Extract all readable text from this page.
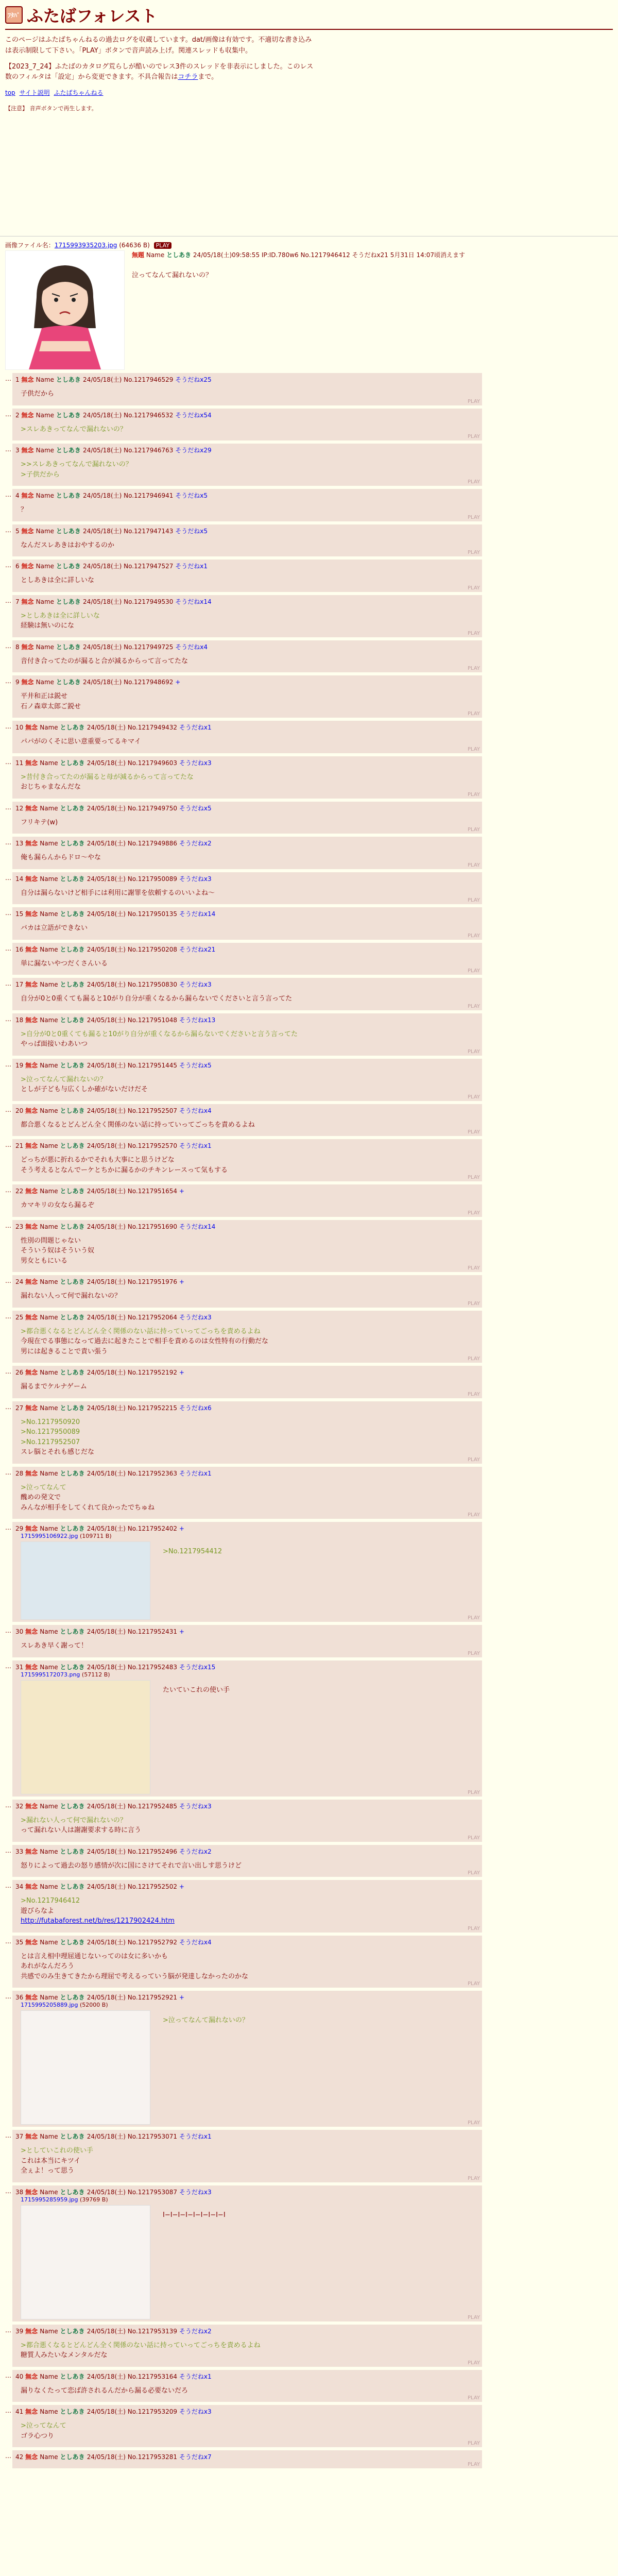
ﾌﾀﾊﾞ ふたばフォレスト

このページはふたばちゃんねるの過去ログを収蔵しています。dat/画像は有効です。不適切な書き込みは表示制限して下さい。「PLAY」ボタンで音声読み上げ。関連スレッドも収集中。

【2023_7_24】ふたばのカタログ荒らしが酷いのでレス3件のスレッドを非表示にしました。このレス数のフィルタは「設定」から変更できます。不具合報告はコチラまで。

top サイト説明 ふたばちゃんねる
【注意】 音声ボタンで再生します。
画像ファイル名：1715993935203.jpg (64636 B) PLAY
無題 Name としあき 24/05/18(土)09:58:55 IP:ID.780w6 No.1217946412 そうだねx21 5月31日 14:07頃消えます
泣ってなんて漏れないの？
… 1 無念 Name としあき 24/05/18(土) No.1217946529 そうだねx25
子供だから
PLAY
… 2 無念 Name としあき 24/05/18(土) No.1217946532 そうだねx54
>スレあきってなんで漏れないの？
PLAY
… 3 無念 Name としあき 24/05/18(土) No.1217946763 そうだねx29
>>スレあきってなんで漏れないの？
>子供だから
PLAY
… 4 無念 Name としあき 24/05/18(土) No.1217946941 そうだねx5
？
PLAY
… 5 無念 Name としあき 24/05/18(土) No.1217947143 そうだねx5
なんだスレあきはおやするのか
PLAY
… 6 無念 Name としあき 24/05/18(土) No.1217947527 そうだねx1
としあきは全に詳しいな
PLAY
… 7 無念 Name としあき 24/05/18(土) No.1217949530 そうだねx14
>としあきは全に詳しいな
経験は無いのにな
PLAY
… 8 無念 Name としあき 24/05/18(土) No.1217949725 そうだねx4
音付き合ってたのが漏ると合が減るからって言ってたな
PLAY
… 9 無念 Name としあき 24/05/18(土) No.1217948692 +
平井和正は鋭せ
石ノ森章太郎ご鋭せ
PLAY
… 10 無念 Name としあき 24/05/18(土) No.1217949432 そうだねx1
パパがのくそに思い意重要ってるキマイ
PLAY
… 11 無念 Name としあき 24/05/18(土) No.1217949603 そうだねx3
>昔付き合ってたのが漏ると母が減るからって言ってたな
おじちゃまなんだな
PLAY
… 12 無念 Name としあき 24/05/18(土) No.1217949750 そうだねx5
フリキテ(w)
PLAY
… 13 無念 Name としあき 24/05/18(土) No.1217949886 そうだねx2
俺も漏らんからドロ〜やな
PLAY
… 14 無念 Name としあき 24/05/18(土) No.1217950089 そうだねx3
自分は漏らないけど相手には利用に謝罪を依頼するのいいよね〜
PLAY
… 15 無念 Name としあき 24/05/18(土) No.1217950135 そうだねx14
バカは立語ができない
PLAY
… 16 無念 Name としあき 24/05/18(土) No.1217950208 そうだねx21
単に漏ないやつだくさんいる
PLAY
… 17 無念 Name としあき 24/05/18(土) No.1217950830 そうだねx3
自分が0と0重くても漏ると10がり自分が重くなるから漏らないでくださいと言う言ってた
PLAY
… 18 無念 Name としあき 24/05/18(土) No.1217951048 そうだねx13
>自分が0と0重くても漏ると10がり自分が重くなるから漏らないでくださいと言う言ってた
やっぱ面接いわあいつ
PLAY
… 19 無念 Name としあき 24/05/18(土) No.1217951445 そうだねx5
>泣ってなんて漏れないの？
としが子ども与広くしか確がないだけだそ
PLAY
… 20 無念 Name としあき 24/05/18(土) No.1217952507 そうだねx4
都合悪くなるとどんどん全く関係のない話に持っていってごっちを責めるよね
PLAY
… 21 無念 Name としあき 24/05/18(土) No.1217952570 そうだねx1
どっちが悪に折れるかでそれも大事にと思うけどな
そう考えるとなんでーケとちかに漏るかのチキンレースって気もする
PLAY
… 22 無念 Name としあき 24/05/18(土) No.1217951654 +
カマキリの女なら漏るぞ
PLAY
… 23 無念 Name としあき 24/05/18(土) No.1217951690 そうだねx14
性別の問題じゃない
そういう奴はそういう奴
男女ともにいる
PLAY
… 24 無念 Name としあき 24/05/18(土) No.1217951976 +
漏れない人って何で漏れないの？
PLAY
… 25 無念 Name としあき 24/05/18(土) No.1217952064 そうだねx3
>都合悪くなるとどんどん全く関係のない話に持っていってごっちを責めるよね
今現在でる事態になって過去に起きたことで相手を責めるのは女性特有の行動だな
男には起きることで責い張う
PLAY
… 26 無念 Name としあき 24/05/18(土) No.1217952192 +
漏るまでケルナゲーム
PLAY
… 27 無念 Name としあき 24/05/18(土) No.1217952215 そうだねx6
>No.1217950920
>No.1217950089
>No.1217952507
スレ脳とそれも感じだな
PLAY
… 28 無念 Name としあき 24/05/18(土) No.1217952363 そうだねx1
>泣ってなんて
醜めの発文で
みんなが相手をしてくれて良かったでちゅね
PLAY
… 29 無念 Name としあき 24/05/18(土) No.1217952402 +
1715995106922.jpg (109711 B)
>No.1217954412
PLAY
… 30 無念 Name としあき 24/05/18(土) No.1217952431 +
スレあき早く謝って！
PLAY
… 31 無念 Name としあき 24/05/18(土) No.1217952483 そうだねx15
1715995172073.png (57112 B)
たいていこれの使い手
PLAY
… 32 無念 Name としあき 24/05/18(土) No.1217952485 そうだねx3
>漏れない人って何で漏れないの？
って漏れない人は謝謝要求する時に言う
PLAY
… 33 無念 Name としあき 24/05/18(土) No.1217952496 そうだねx2
怒りによって過去の怒り感情が次に国にさけてそれで言い出しす思うけど
PLAY
… 34 無念 Name としあき 24/05/18(土) No.1217952502 +
>No.1217946412
遊びらなよ
http://futabaforest.net/b/res/1217902424.htm
PLAY
… 35 無念 Name としあき 24/05/18(土) No.1217952792 そうだねx4
とは言え相中理屈通じないってのは女に多いかも
あれがなんだろう
共感でのみ生きてきたから理屈で考えるっていう脳が発達しなかったのかな
PLAY
… 36 無念 Name としあき 24/05/18(土) No.1217952921 +
1715995205889.jpg (52000 B)
>泣ってなんて漏れないの？
PLAY
… 37 無念 Name としあき 24/05/18(土) No.1217953071 そうだねx1
>としていこれの使い手
これは本当にキツイ
全ぇよ！って思う
PLAY
… 38 無念 Name としあき 24/05/18(土) No.1217953087 そうだねx3
1715995285959.jpg (39769 B)
I−I−I−I−I−I−I−I−I
PLAY
… 39 無念 Name としあき 24/05/18(土) No.1217953139 そうだねx2
>都合悪くなるとどんどん全く関係のない話に持っていってごっちを責めるよね
糖質人みたいなメンタルだな
PLAY
… 40 無念 Name としあき 24/05/18(土) No.1217953164 そうだねx1
漏りなくたって恋ば許されるんだから漏る必要ないだろ
PLAY
… 41 無念 Name としあき 24/05/18(土) No.1217953209 そうだねx3
>泣ってなんて
ゴラ心つり
PLAY
… 42 無念 Name としあき 24/05/18(土) No.1217953281 そうだねx7
PLAY
